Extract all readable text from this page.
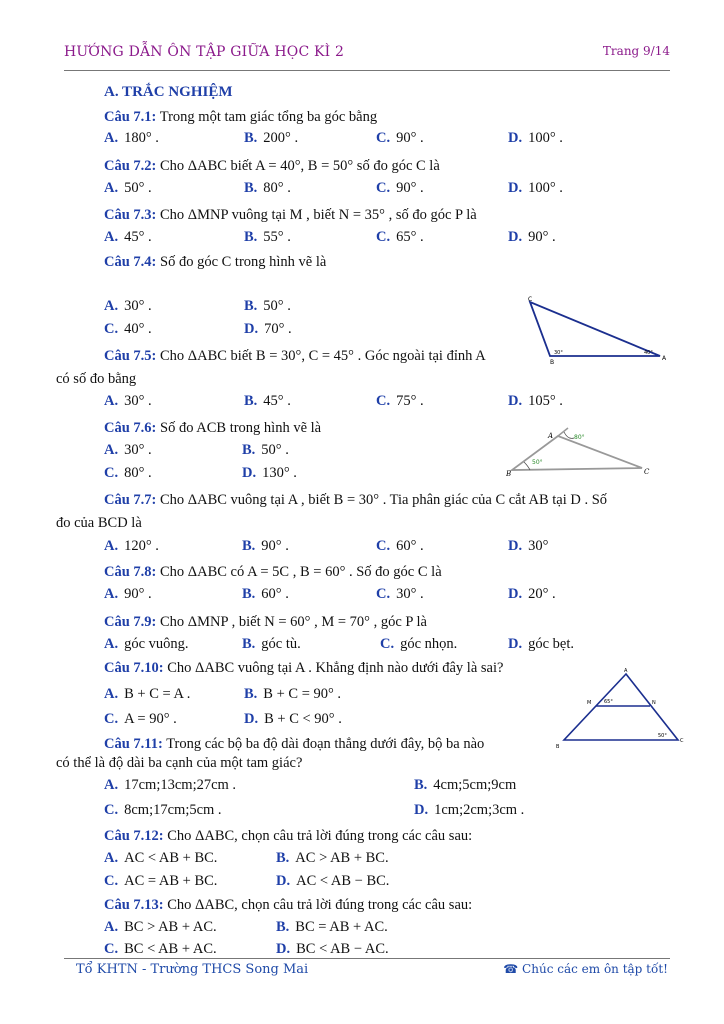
HƯỚNG DẪN ÔN TẬP GIỮA HỌC KÌ 2	Trang 9/14
A. TRẮC NGHIỆM
Câu 7.1: Trong một tam giác tổng ba góc bằng
A. 180° .	B. 200° .	C. 90° .	D. 100° .
Câu 7.2: Cho ΔABC biết A = 40°, B = 50° số đo góc C là
A. 50° .	B. 80° .	C. 90° .	D. 100° .
Câu 7.3: Cho ΔMNP vuông tại M , biết N = 35° , số đo góc P là
A. 45° .	B. 55° .	C. 65° .	D. 90° .
Câu 7.4: Số đo góc C trong hình vẽ là
A. 30° .	B. 50° .
C. 40° .	D. 70° .
C
B
A
30°	40°
Câu 7.5: Cho ΔABC biết B = 30°, C = 45° . Góc ngoài tại đỉnh A
có số đo bằng
A. 30° .	B. 45° .	C. 75° .	D. 105° .
Câu 7.6: Số đo ACB trong hình vẽ là
A. 30° .	B. 50° .
C. 80° .	D. 130° .
A
B	C
80°
50°
Câu 7.7: Cho ΔABC vuông tại A , biết B = 30° . Tia phân giác của C cắt AB tại D . Số
đo của BCD là
A. 120° .	B. 90° .	C. 60° .	D. 30°
Câu 7.8: Cho ΔABC có A = 5C , B = 60° . Số đo góc C là
A. 90° .	B. 60° .	C. 30° .	D. 20° .
Câu 7.9: Cho ΔMNP , biết N = 60° , M = 70° , góc P là
A. góc vuông.	B. góc tù.	C. góc nhọn.	D. góc bẹt.
Câu 7.10: Cho ΔABC vuông tại A . Khẳng định nào dưới đây là sai?
A. B + C = A .	B. B + C = 90° .
C. A = 90° .	D. B + C < 90° .
A
M	N
B
C
65°
50°
Câu 7.11: Trong các bộ ba độ dài đoạn thẳng dưới đây, bộ ba nào
có thể là độ dài ba cạnh của một tam giác?
A. 17cm;13cm;27cm .	B. 4cm;5cm;9cm
C. 8cm;17cm;5cm .	D. 1cm;2cm;3cm .
Câu 7.12: Cho ΔABC, chọn câu trả lời đúng trong các câu sau:
A. AC < AB + BC.	B. AC > AB + BC.
C. AC = AB + BC.	D. AC < AB − BC.
Câu 7.13: Cho ΔABC, chọn câu trả lời đúng trong các câu sau:
A. BC > AB + AC.	B. BC = AB + AC.
C. BC < AB + AC.	D. BC < AB − AC.
Tổ KHTN - Trường THCS Song Mai	☎ Chúc các em ôn tập tốt!
